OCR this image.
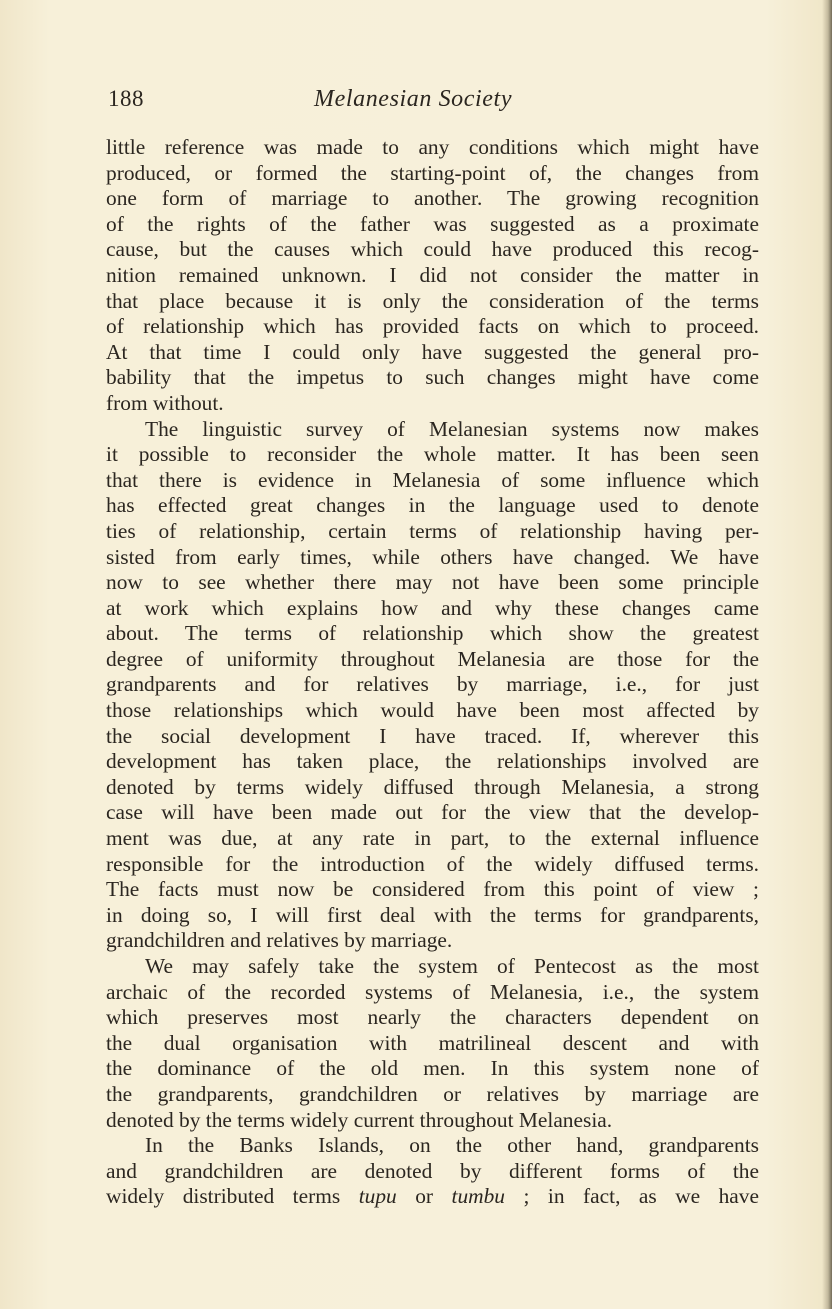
188	Melanesian Society
little reference was made to any conditions which might have
produced, or formed the starting-point of, the changes from
one form of marriage to another. The growing recognition
of the rights of the father was suggested as a proximate
cause, but the causes which could have produced this recog-
nition remained unknown. I did not consider the matter in
that place because it is only the consideration of the terms
of relationship which has provided facts on which to proceed.
At that time I could only have suggested the general pro-
bability that the impetus to such changes might have come
from without.
The linguistic survey of Melanesian systems now makes
it possible to reconsider the whole matter. It has been seen
that there is evidence in Melanesia of some influence which
has effected great changes in the language used to denote
ties of relationship, certain terms of relationship having per-
sisted from early times, while others have changed. We have
now to see whether there may not have been some principle
at work which explains how and why these changes came
about. The terms of relationship which show the greatest
degree of uniformity throughout Melanesia are those for the
grandparents and for relatives by marriage, i.e., for just
those relationships which would have been most affected by
the social development I have traced. If, wherever this
development has taken place, the relationships involved are
denoted by terms widely diffused through Melanesia, a strong
case will have been made out for the view that the develop-
ment was due, at any rate in part, to the external influence
responsible for the introduction of the widely diffused terms.
The facts must now be considered from this point of view ;
in doing so, I will first deal with the terms for grandparents,
grandchildren and relatives by marriage.
We may safely take the system of Pentecost as the most
archaic of the recorded systems of Melanesia, i.e., the system
which preserves most nearly the characters dependent on
the dual organisation with matrilineal descent and with
the dominance of the old men. In this system none of
the grandparents, grandchildren or relatives by marriage are
denoted by the terms widely current throughout Melanesia.
In the Banks Islands, on the other hand, grandparents
and grandchildren are denoted by different forms of the
widely distributed terms tupu or tumbu ; in fact, as we have
